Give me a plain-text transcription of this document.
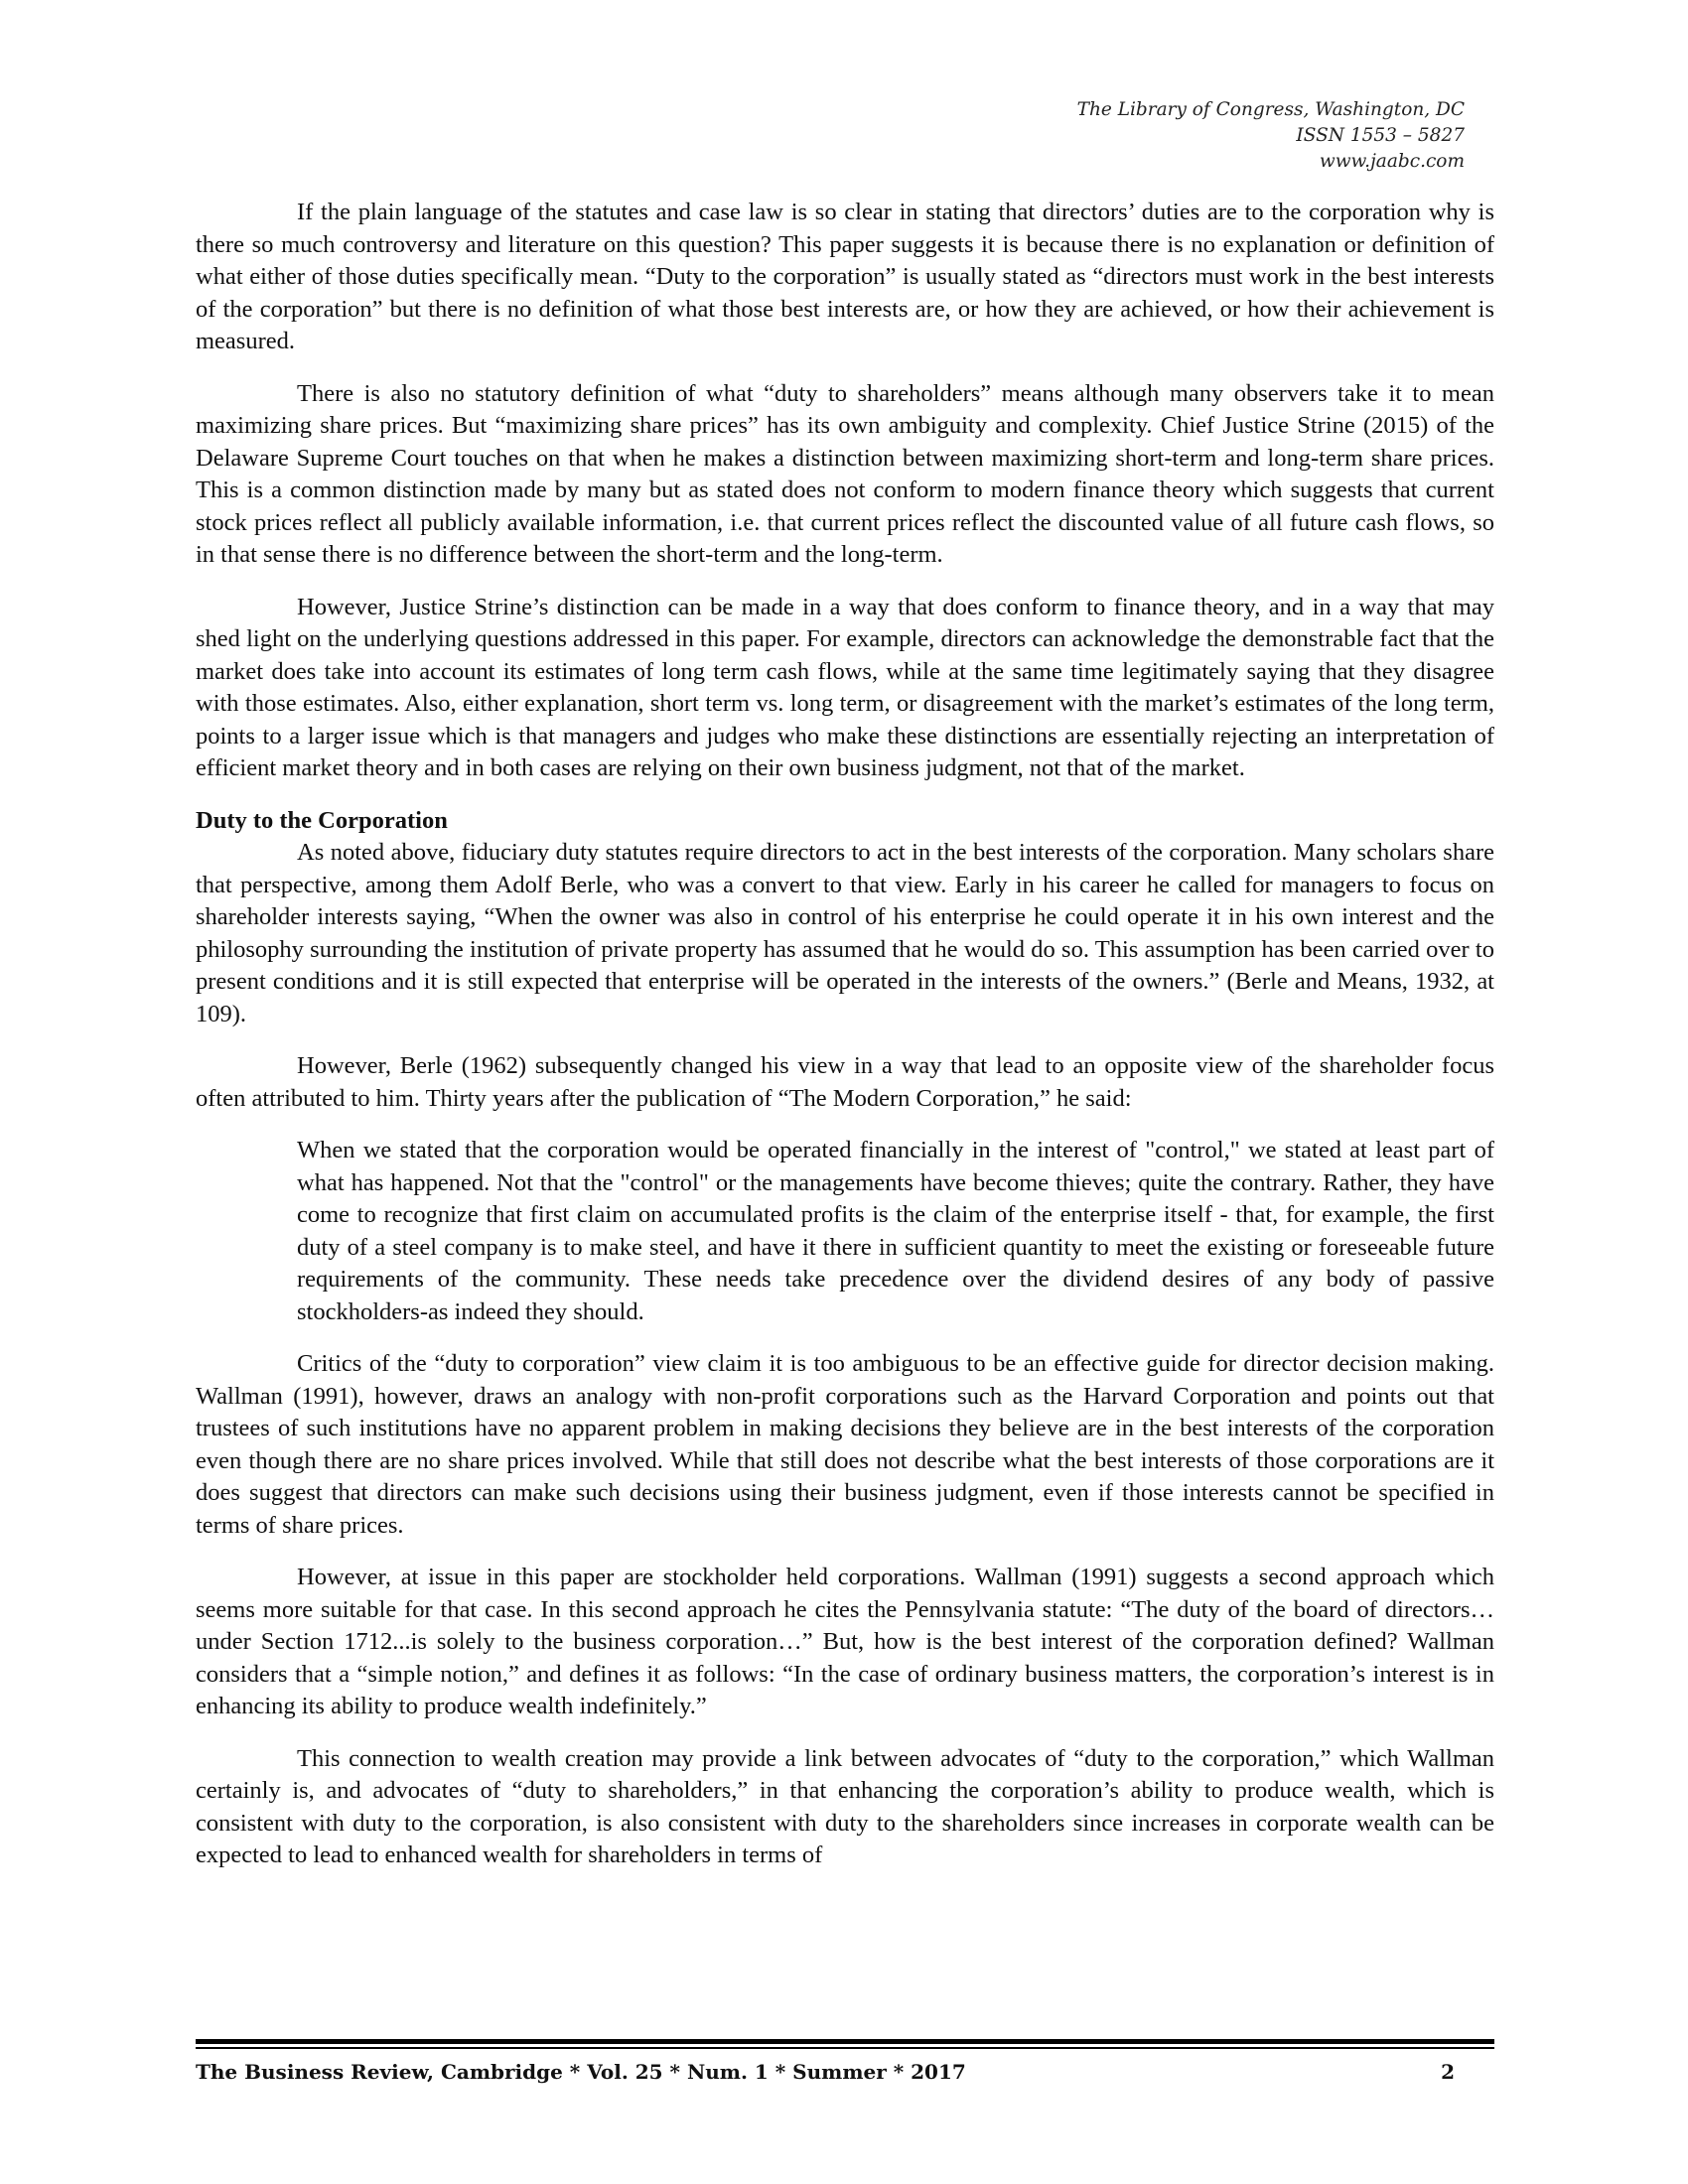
The Library of Congress, Washington, DC
ISSN 1553 – 5827
www.jaabc.com

If the plain language of the statutes and case law is so clear in stating that directors’ duties are to the corporation why is there so much controversy and literature on this question? This paper suggests it is because there is no explanation or definition of what either of those duties specifically mean. “Duty to the corporation” is usually stated as “directors must work in the best interests of the corporation” but there is no definition of what those best interests are, or how they are achieved, or how their achievement is measured.

There is also no statutory definition of what “duty to shareholders” means although many observers take it to mean maximizing share prices. But “maximizing share prices” has its own ambiguity and complexity. Chief Justice Strine (2015) of the Delaware Supreme Court touches on that when he makes a distinction between maximizing short-term and long-term share prices. This is a common distinction made by many but as stated does not conform to modern finance theory which suggests that current stock prices reflect all publicly available information, i.e. that current prices reflect the discounted value of all future cash flows, so in that sense there is no difference between the short-term and the long-term.

However, Justice Strine’s distinction can be made in a way that does conform to finance theory, and in a way that may shed light on the underlying questions addressed in this paper. For example, directors can acknowledge the demonstrable fact that the market does take into account its estimates of long term cash flows, while at the same time legitimately saying that they disagree with those estimates. Also, either explanation, short term vs. long term, or disagreement with the market’s estimates of the long term, points to a larger issue which is that managers and judges who make these distinctions are essentially rejecting an interpretation of efficient market theory and in both cases are relying on their own business judgment, not that of the market.

Duty to the Corporation

As noted above, fiduciary duty statutes require directors to act in the best interests of the corporation. Many scholars share that perspective, among them Adolf Berle, who was a convert to that view. Early in his career he called for managers to focus on shareholder interests saying, “When the owner was also in control of his enterprise he could operate it in his own interest and the philosophy surrounding the institution of private property has assumed that he would do so. This assumption has been carried over to present conditions and it is still expected that enterprise will be operated in the interests of the owners.” (Berle and Means, 1932, at 109).

However, Berle (1962) subsequently changed his view in a way that lead to an opposite view of the shareholder focus often attributed to him. Thirty years after the publication of “The Modern Corporation,” he said:

When we stated that the corporation would be operated financially in the interest of "control," we stated at least part of what has happened. Not that the "control" or the managements have become thieves; quite the contrary. Rather, they have come to recognize that first claim on accumulated profits is the claim of the enterprise itself - that, for example, the first duty of a steel company is to make steel, and have it there in sufficient quantity to meet the existing or foreseeable future requirements of the community. These needs take precedence over the dividend desires of any body of passive stockholders-as indeed they should.

Critics of the “duty to corporation” view claim it is too ambiguous to be an effective guide for director decision making. Wallman (1991), however, draws an analogy with non-profit corporations such as the Harvard Corporation and points out that trustees of such institutions have no apparent problem in making decisions they believe are in the best interests of the corporation even though there are no share prices involved. While that still does not describe what the best interests of those corporations are it does suggest that directors can make such decisions using their business judgment, even if those interests cannot be specified in terms of share prices.

However, at issue in this paper are stockholder held corporations. Wallman (1991) suggests a second approach which seems more suitable for that case. In this second approach he cites the Pennsylvania statute: “The duty of the board of directors…under Section 1712...is solely to the business corporation…” But, how is the best interest of the corporation defined? Wallman considers that a “simple notion,” and defines it as follows: “In the case of ordinary business matters, the corporation’s interest is in enhancing its ability to produce wealth indefinitely.”

This connection to wealth creation may provide a link between advocates of “duty to the corporation,” which Wallman certainly is, and advocates of “duty to shareholders,” in that enhancing the corporation’s ability to produce wealth, which is consistent with duty to the corporation, is also consistent with duty to the shareholders since increases in corporate wealth can be expected to lead to enhanced wealth for shareholders in terms of

The Business Review, Cambridge * Vol. 25 * Num. 1 * Summer * 2017	2
